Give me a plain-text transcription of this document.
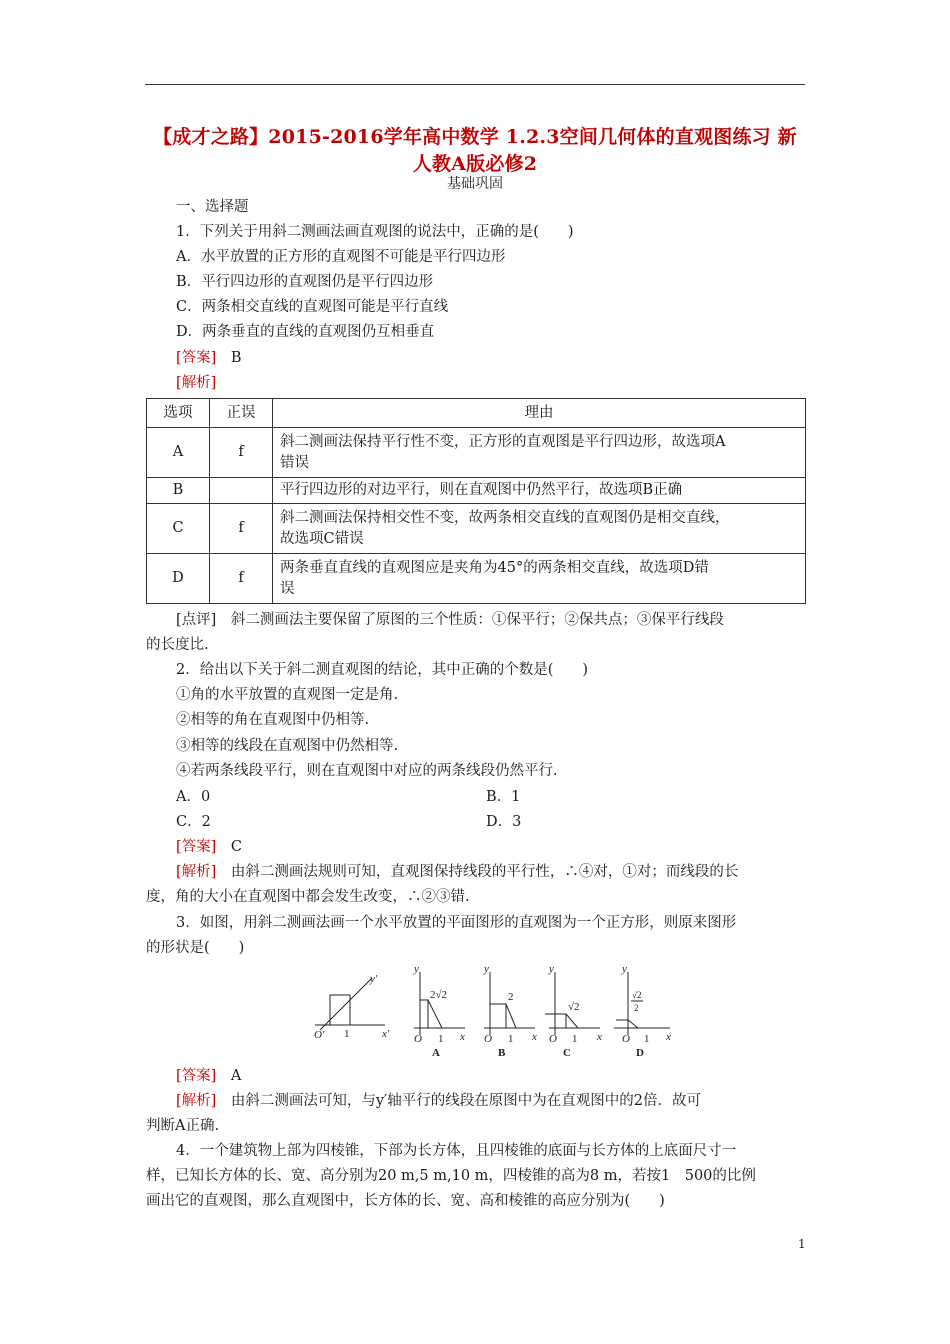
【成才之路】2015-2016学年高中数学 1.2.3空间几何体的直观图练习 新人教A版必修2
基础巩固
一、选择题
1．下列关于用斜二测画法画直观图的说法中，正确的是(　　)
A．水平放置的正方形的直观图不可能是平行四边形
B．平行四边形的直观图仍是平行四边形
C．两条相交直线的直观图可能是平行直线
D．两条垂直的直线的直观图仍互相垂直
[答案]　 B
[解析]
选项	正误	理由
A	f	斜二测画法保持平行性不变，正方形的直观图是平行四边形，故选项A
错误
B		平行四边形的对边平行，则在直观图中仍然平行，故选项B正确
C	f	斜二测画法保持相交性不变，故两条相交直线的直观图仍是相交直线，
故选项C错误
D	f	两条垂直直线的直观图应是夹角为45°的两条相交直线，故选项D错
误
[点评]　 斜二测画法主要保留了原图的三个性质：①保平行；②保共点；③保平行线段
的长度比.
2．给出以下关于斜二测直观图的结论，其中正确的个数是(　　)
①角的水平放置的直观图一定是角.
②相等的角在直观图中仍相等.
③相等的线段在直观图中仍然相等.
④若两条线段平行，则在直观图中对应的两条线段仍然平行.
A．0	B．1
C．2	D．3
[答案]　 C
[解析]　 由斜二测画法规则可知，直观图保持线段的平行性，∴④对，①对；而线段的长
度，角的大小在直观图中都会发生改变，∴②③错.
3．如图，用斜二测画法画一个水平放置的平面图形的直观图为一个正方形，则原来图形
的形状是(　　)
O' 1	x'
y'
y
2√2
O 1 x
A
y
2
O 1 x
B
y
√2
O 1 x
C
y
√2
2
O 1 x
D
[答案]　 A
[解析]　 由斜二测画法可知，与y′轴平行的线段在原图中为在直观图中的2倍．故可
判断A正确.
4．一个建筑物上部为四棱锥，下部为长方体，且四棱锥的底面与长方体的上底面尺寸一
样，已知长方体的长、宽、高分别为20 m,5 m,10 m，四棱锥的高为8 m，若按1　500的比例
画出它的直观图，那么直观图中，长方体的长、宽、高和棱锥的高应分别为(　　)
1
